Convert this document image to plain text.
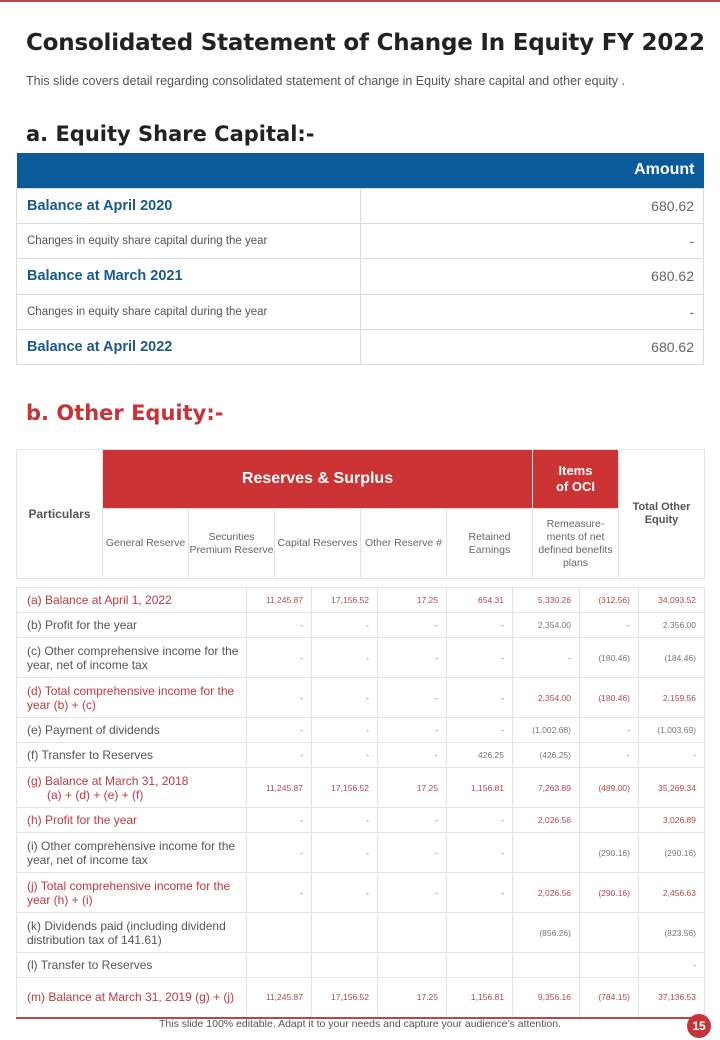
Consolidated Statement of Change In Equity FY 2022

This slide covers detail regarding consolidated statement of change in Equity share capital and other equity .

a. Equity Share Capital:-
Amount	
Balance at April 2020	680.62
Changes in equity share capital during the year	-
Balance at March 2021	680.62
Changes in equity share capital during the year	-
Balance at April 2022	680.62
b. Other Equity:-
Particulars	Reserves & Surplus					Items
of OCI	Total Other Equity
	General Reserve	Securities Premium Reserve	Capital Reserves	Other Reserve #	Retained Earnings	Remeasure-ments of net defined benefits plans	
(a) Balance at April 1, 2022	11,245.87	17,156.52	17.25	654.31	5,330.26	(312.56)	34,093.52
(b) Profit for the year	-	-	-	-	2,354.00	-	2,356.00
(c) Other comprehensive income for the year, net of income tax	-	-	-	-	-	(180.46)	(184.46)
(d) Total comprehensive income for the year (b) + (c)	-	-	-	-	2,354.00	(180.46)	2,159.56
(e) Payment of dividends	-	-	-	-	(1,002.68)	-	(1,003.69)
(f) Transfer to Reserves	-	-	-	426.25	(426.25)	-	-
(g) Balance at March 31, 2018
(a) + (d) + (e) + (f)	11,245.87	17,156.52	17.25	1,156.81	7,263.89	(489.00)	35,269.34
(h) Profit for the year	-	-	-	-	2,026.56		3,026.89
(i) Other comprehensive income for the year, net of income tax	-	-	-	-		(290.16)	(290.16)
(j) Total comprehensive income for the year (h) + (i)	-	-	-	-	2,026.56	(290.16)	2,456.63
(k) Dividends paid (including dividend distribution tax of 141.61)					(856.26)		(823.56)
(l) Transfer to Reserves							-
(m) Balance at March 31, 2019 (g) + (j)	11,245.87	17,156.52	17.25	1,156.81	9,356.16	(784.15)	37,136.53
This slide 100% editable. Adapt it to your needs and capture your audience’s attention.	15
